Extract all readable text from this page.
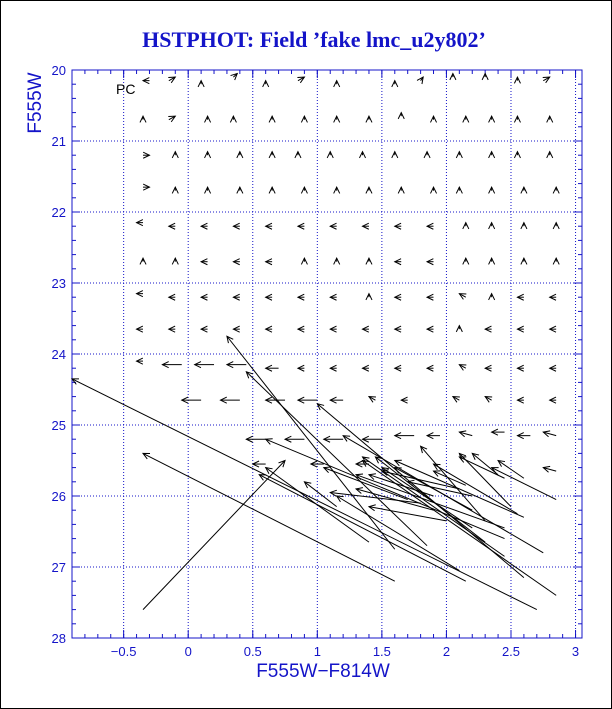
HSTPHOT: Field ’fake lmc_u2y802’
−0.5	0	0.5	1	1.5	2	2.5	3
20
21
22
23
24
25
26
27
28
F555W−F814W
F555W	PC
